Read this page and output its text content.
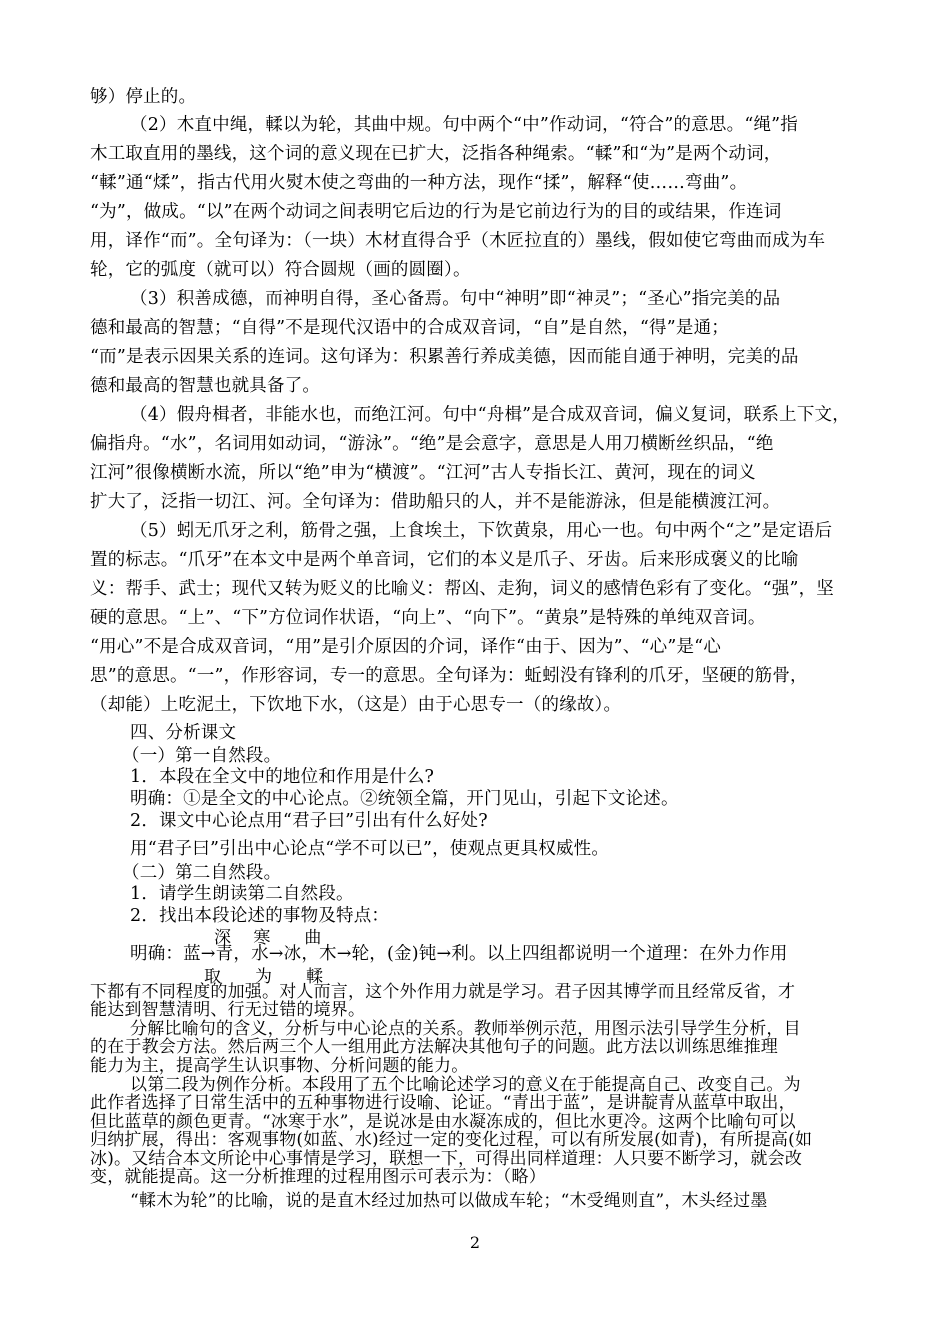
够）停止的。
（2）木直中绳，輮以为轮，其曲中规。句中两个“中”作动词，“符合”的意思。“绳”指
木工取直用的墨线，这个词的意义现在已扩大，泛指各种绳索。“輮”和“为”是两个动词，
“輮”通“煣”，指古代用火熨木使之弯曲的一种方法，现作“揉”，解释“使……弯曲”。
“为”，做成。“以”在两个动词之间表明它后边的行为是它前边行为的目的或结果，作连词
用，译作“而”。全句译为：（一块）木材直得合乎（木匠拉直的）墨线，假如使它弯曲而成为车
轮，它的弧度（就可以）符合圆规（画的圆圈）。
（3）积善成德，而神明自得，圣心备焉。句中“神明”即“神灵”；“圣心”指完美的品
德和最高的智慧；“自得”不是现代汉语中的合成双音词，“自”是自然，“得”是通；
“而”是表示因果关系的连词。这句译为：积累善行养成美德，因而能自通于神明，完美的品
德和最高的智慧也就具备了。
（4）假舟楫者，非能水也，而绝江河。句中“舟楫”是合成双音词，偏义复词，联系上下文，
偏指舟。“水”，名词用如动词，“游泳”。“绝”是会意字，意思是人用刀横断丝织品，“绝
江河”很像横断水流，所以“绝”申为“横渡”。“江河”古人专指长江、黄河，现在的词义
扩大了，泛指一切江、河。全句译为：借助船只的人，并不是能游泳，但是能横渡江河。
（5）蚓无爪牙之利，筋骨之强，上食埃土，下饮黄泉，用心一也。句中两个“之”是定语后
置的标志。“爪牙”在本文中是两个单音词，它们的本义是爪子、牙齿。后来形成褒义的比喻
义：帮手、武士；现代又转为贬义的比喻义：帮凶、走狗，词义的感情色彩有了变化。“强”，坚
硬的意思。“上”、“下”方位词作状语，“向上”、“向下”。“黄泉”是特殊的单纯双音词。
“用心”不是合成双音词，“用”是引介原因的介词，译作“由于、因为”、“心”是“心
思”的意思。“一”，作形容词，专一的意思。全句译为：蚯蚓没有锋利的爪牙，坚硬的筋骨，
（却能）上吃泥土，下饮地下水，（这是）由于心思专一（的缘故）。
四、分析课文
（一）第一自然段。
1．本段在全文中的地位和作用是什么?
明确：①是全文的中心论点。②统领全篇，开门见山，引起下文论述。
2．课文中心论点用“君子曰”引出有什么好处?
用“君子曰”引出中心论点“学不可以已”，使观点更具权威性。
（二）第二自然段。
1．请学生朗读第二自然段。
2．找出本段论述的事物及特点：
深　 寒　　曲
明确：蓝→青，水→冰，木→轮，(金)钝→利。以上四组都说明一个道理：在外力作用
取　　为　　輮
下都有不同程度的加强。对人而言，这个外作用力就是学习。君子因其博学而且经常反省，才
能达到智慧清明、行无过错的境界。
分解比喻句的含义，分析与中心论点的关系。教师举例示范，用图示法引导学生分析，目
的在于教会方法。然后两三个人一组用此方法解决其他句子的问题。此方法以训练思维推理
能力为主，提高学生认识事物、分析问题的能力。
以第二段为例作分析。本段用了五个比喻论述学习的意义在于能提高自己、改变自己。为
此作者选择了日常生活中的五种事物进行设喻、论证。“青出于蓝”，是讲靛青从蓝草中取出，
但比蓝草的颜色更青。“冰寒于水”，是说冰是由水凝冻成的，但比水更冷。这两个比喻句可以
归纳扩展，得出：客观事物(如蓝、水)经过一定的变化过程，可以有所发展(如青)，有所提高(如
冰)。又结合本文所论中心事情是学习，联想一下，可得出同样道理：人只要不断学习，就会改
变，就能提高。这一分析推理的过程用图示可表示为：（略）
“輮木为轮”的比喻，说的是直木经过加热可以做成车轮；“木受绳则直”，木头经过墨
2
